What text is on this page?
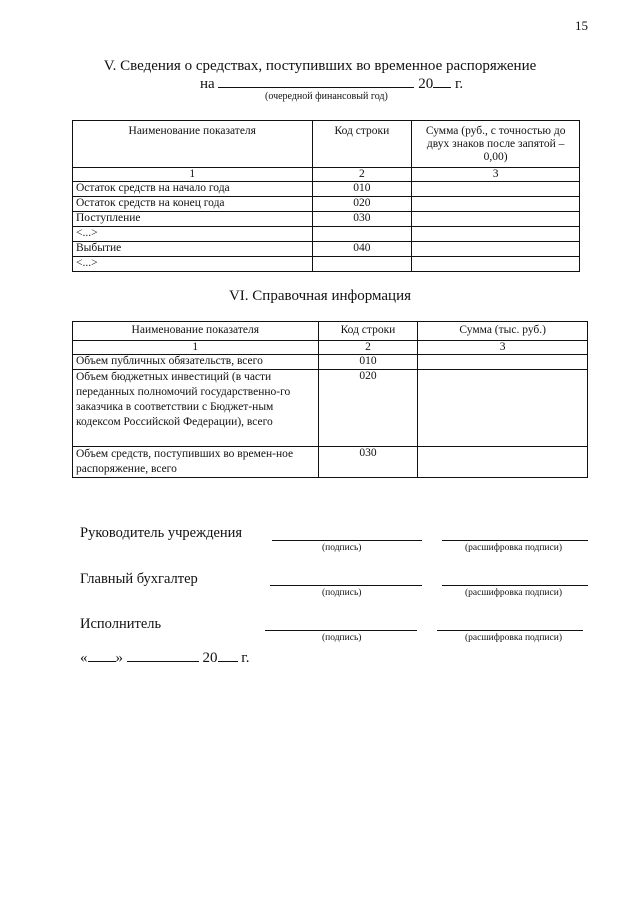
15
V. Сведения о средствах, поступивших во временное распоряжение
на	20 г.
(очередной финансовый год)
Наименование показателя	Код строки	Сумма (руб., с точностью до двух знаков после запятой – 0,00)
1	2	3
Остаток средств на начало года	010	
Остаток средств на конец года	020	
Поступление	030	
<...>		
Выбытие	040	
<...>		
VI. Справочная информация
Наименование показателя	Код строки	Сумма (тыс. руб.)
1	2	3
Объем публичных обязательств, всего	010	
Объем бюджетных инвестиций (в части переданных полномочий государственно-го заказчика в соответствии с Бюджет-ным кодексом Российской Федерации), всего	020	
Объем средств, поступивших во времен-ное распоряжение, всего	030	
Руководитель учреждения
(подпись)	(расшифровка подписи)
Главный бухгалтер
(подпись)	(расшифровка подписи)
Исполнитель
(подпись)	(расшифровка подписи)
« »	20 г.
